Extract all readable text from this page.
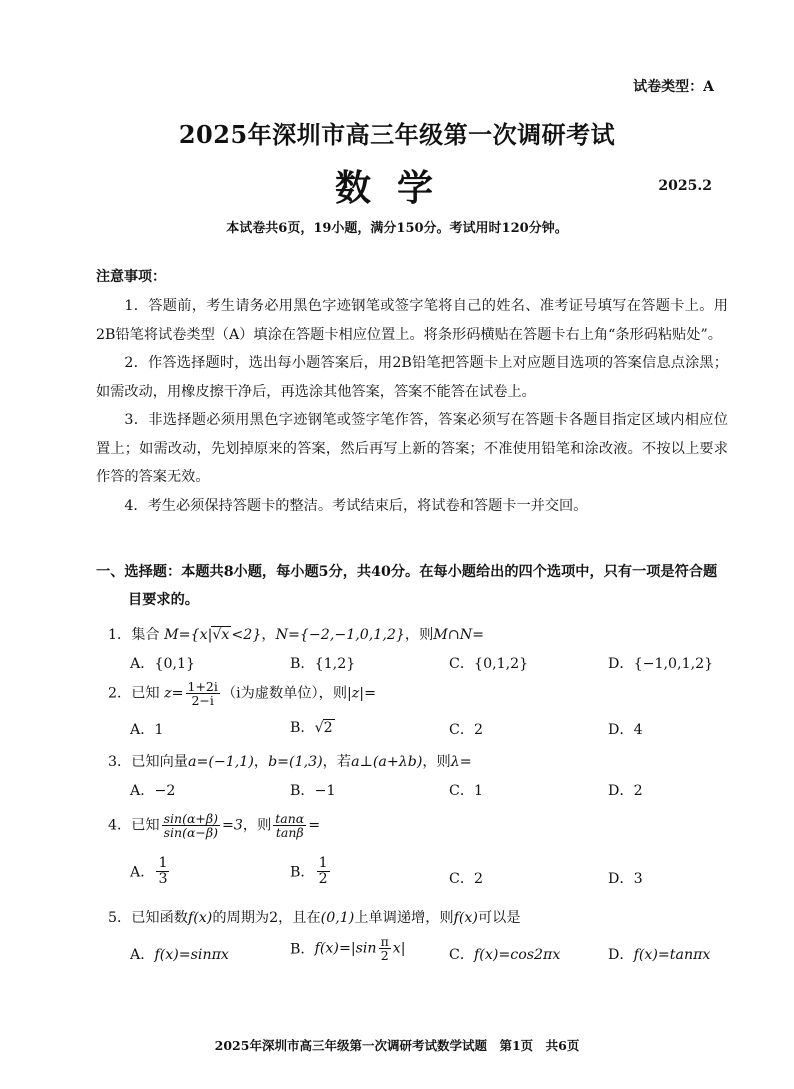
试卷类型：A
2025年深圳市高三年级第一次调研考试
数学	2025.2
本试卷共6页，19小题，满分150分。考试用时120分钟。
注意事项：

1．答题前，考生请务必用黑色字迹钢笔或签字笔将自己的姓名、准考证号填写在答题卡上。用2B铅笔将试卷类型（A）填涂在答题卡相应位置上。将条形码横贴在答题卡右上角“条形码粘贴处”。

2．作答选择题时，选出每小题答案后，用2B铅笔把答题卡上对应题目选项的答案信息点涂黑；如需改动，用橡皮擦干净后，再选涂其他答案，答案不能答在试卷上。

3．非选择题必须用黑色字迹钢笔或签字笔作答，答案必须写在答题卡各题目指定区域内相应位置上；如需改动，先划掉原来的答案，然后再写上新的答案；不准使用铅笔和涂改液。不按以上要求作答的答案无效。

4．考生必须保持答题卡的整洁。考试结束后，将试卷和答题卡一并交回。

一、选择题：本题共8小题，每小题5分，共40分。在每小题给出的四个选项中，只有一项是符合题目要求的。

1．集合 M={x|√x <2}，N={−2,−1,0,1,2}，则M∩N=
A．{0,1}	B．{1,2}	C．{0,1,2}	D．{−1,0,1,2}
2．已知 $z= \frac{1+2i}{2-i} (i$为虚数单位），则|z|=
A．1	B．√2	C．2	D．4
3．已知向量a=(−1,1)，b=(1,3)，若a⊥(a+λb)，则λ=
A．−2	B．−1	C．1	D．2
4．已知 $\frac{\sin(\alpha+\beta)}{\sin(\alpha-\beta)} =3$，则 $\frac{\tan\alpha}{\tan\beta}$ =
A． $\frac{1}{3}$	B． $\frac{1}{2}$	C．2	D．3
5．已知函数f(x)的周期为2，且在(0,1)上单调递增，则f(x)可以是
A．f(x)=sinπx	B．$f(x)=|\sin \frac{\pi}{2} x|$	C．f(x)=cos2πx	D．f(x)=tanπx
2025年深圳市高三年级第一次调研考试数学试题　第1页　共6页
